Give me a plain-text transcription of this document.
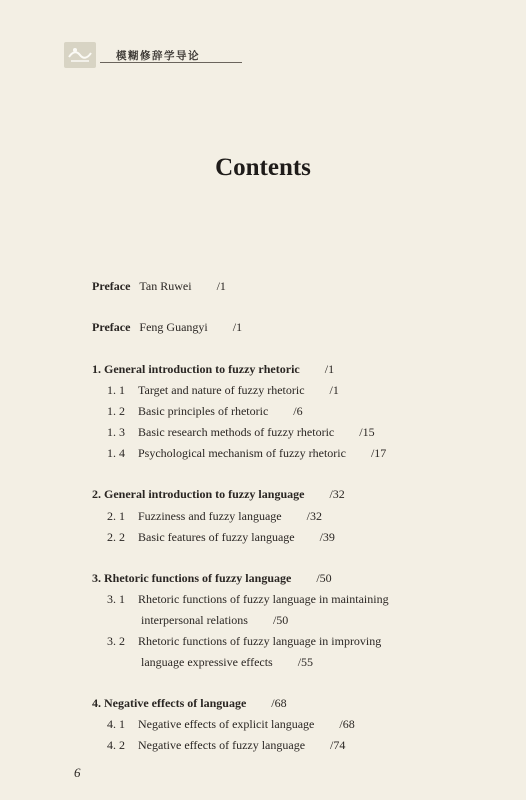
模糊修辞学导论
Contents
Preface Tan Ruwei /1
Preface Feng Guangyi /1
1. General introduction to fuzzy rhetoric /1
1. 1 Target and nature of fuzzy rhetoric /1
1. 2 Basic principles of rhetoric /6
1. 3 Basic research methods of fuzzy rhetoric /15
1. 4 Psychological mechanism of fuzzy rhetoric /17
2. General introduction to fuzzy language /32
2. 1 Fuzziness and fuzzy language /32
2. 2 Basic features of fuzzy language /39
3. Rhetoric functions of fuzzy language /50
3. 1 Rhetoric functions of fuzzy language in maintaining
interpersonal relations /50
3. 2 Rhetoric functions of fuzzy language in improving
language expressive effects /55
4. Negative effects of language /68
4. 1 Negative effects of explicit language /68
4. 2 Negative effects of fuzzy language /74
6
